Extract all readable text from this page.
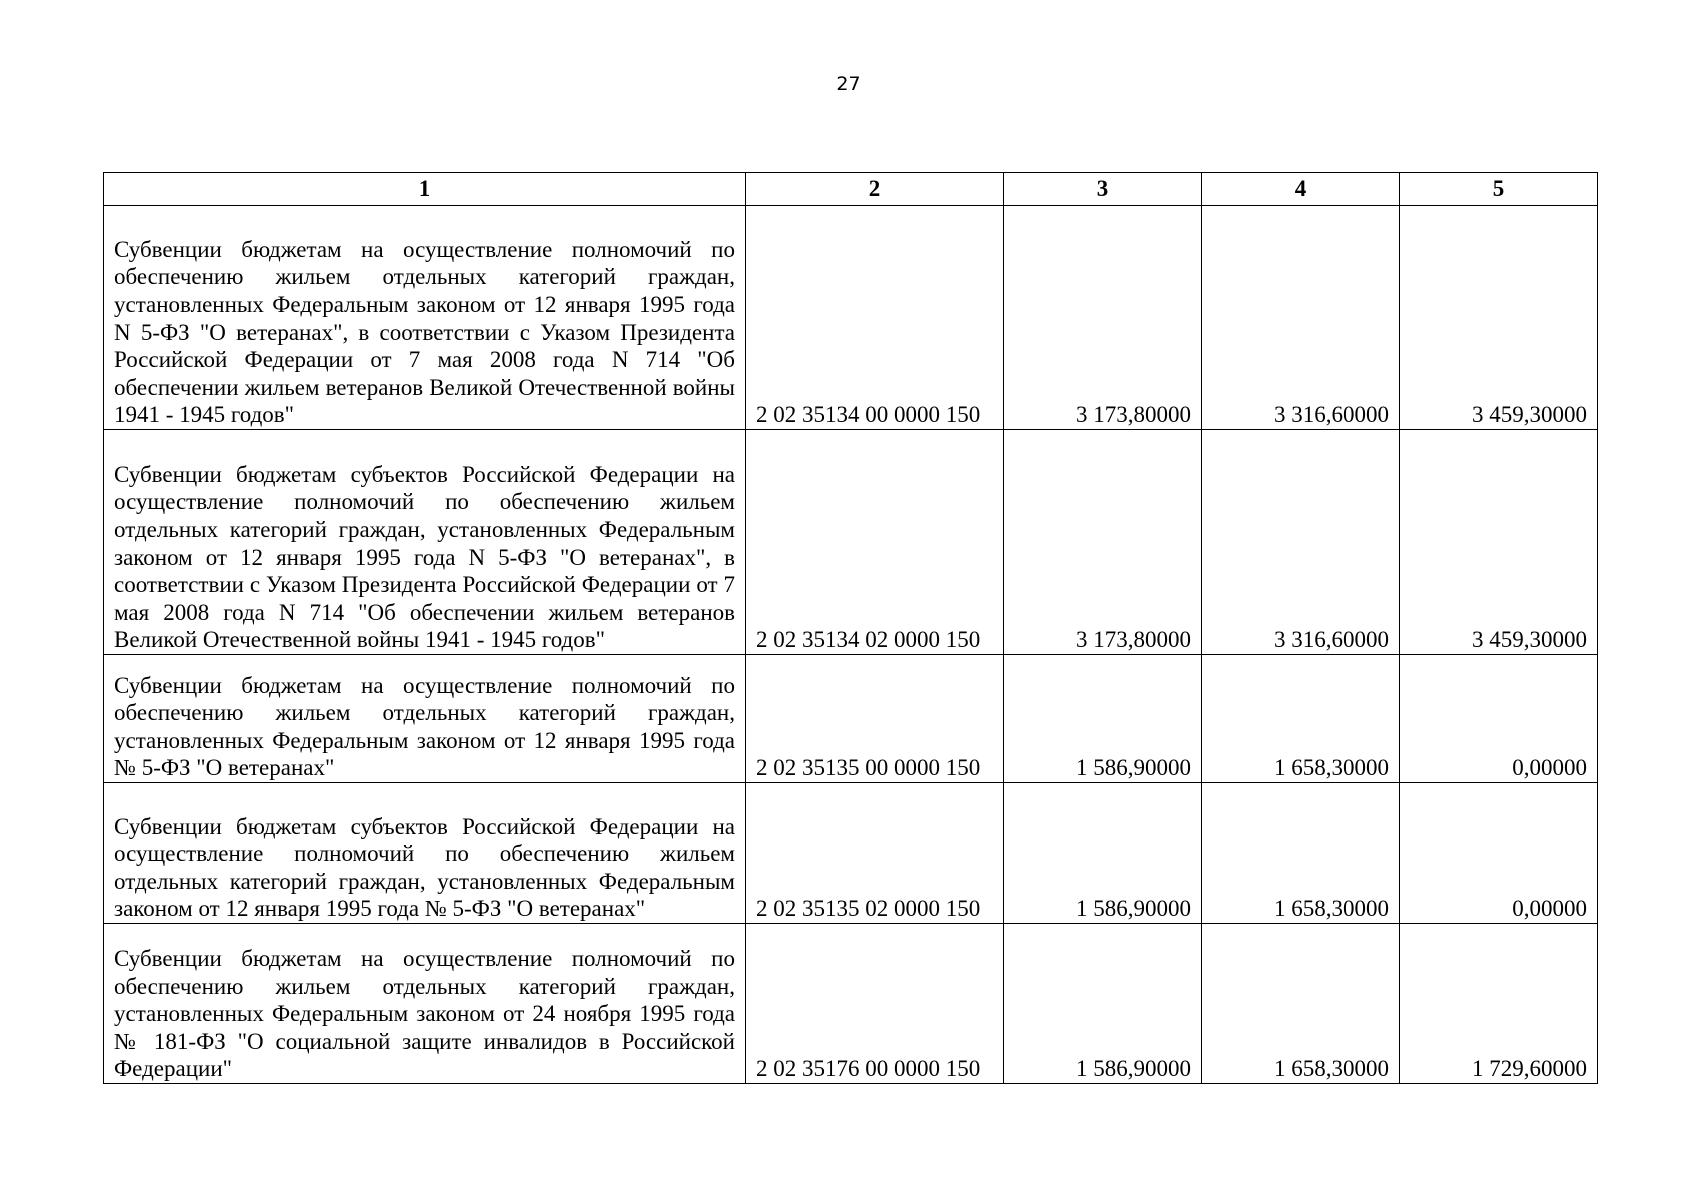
27
1	2	3	4	5
Субвенции бюджетам на осуществление полномочий по обеспечению жильем отдельных категорий граждан, установленных Федеральным законом от 12 января 1995 года N 5-ФЗ "О ветеранах", в соответствии с Указом Президента Российской Федерации от 7 мая 2008 года N 714 "Об обеспечении жильем ветеранов Великой Отечественной войны 1941 - 1945 годов"	2 02 35134 00 0000 150	3 173,80000	3 316,60000	3 459,30000
Субвенции бюджетам субъектов Российской Федерации на осуществление полномочий по обеспечению жильем отдельных категорий граждан, установленных Федеральным законом от 12 января 1995 года N 5-ФЗ "О ветеранах", в соответствии с Указом Президента Российской Федерации от 7 мая 2008 года N 714 "Об обеспечении жильем ветеранов Великой Отечественной войны 1941 - 1945 годов"	2 02 35134 02 0000 150	3 173,80000	3 316,60000	3 459,30000
Субвенции бюджетам на осуществление полномочий по обеспечению жильем отдельных категорий граждан, установленных Федеральным законом от 12 января 1995 года № 5-ФЗ "О ветеранах"	2 02 35135 00 0000 150	1 586,90000	1 658,30000	0,00000
Субвенции бюджетам субъектов Российской Федерации на осуществление полномочий по обеспечению жильем отдельных категорий граждан, установленных Федеральным законом от 12 января 1995 года № 5-ФЗ "О ветеранах"	2 02 35135 02 0000 150	1 586,90000	1 658,30000	0,00000
Субвенции бюджетам на осуществление полномочий по обеспечению жильем отдельных категорий граждан, установленных Федеральным законом от 24 ноября 1995 года № 181-ФЗ "О социальной защите инвалидов в Российской Федерации"	2 02 35176 00 0000 150	1 586,90000	1 658,30000	1 729,60000
